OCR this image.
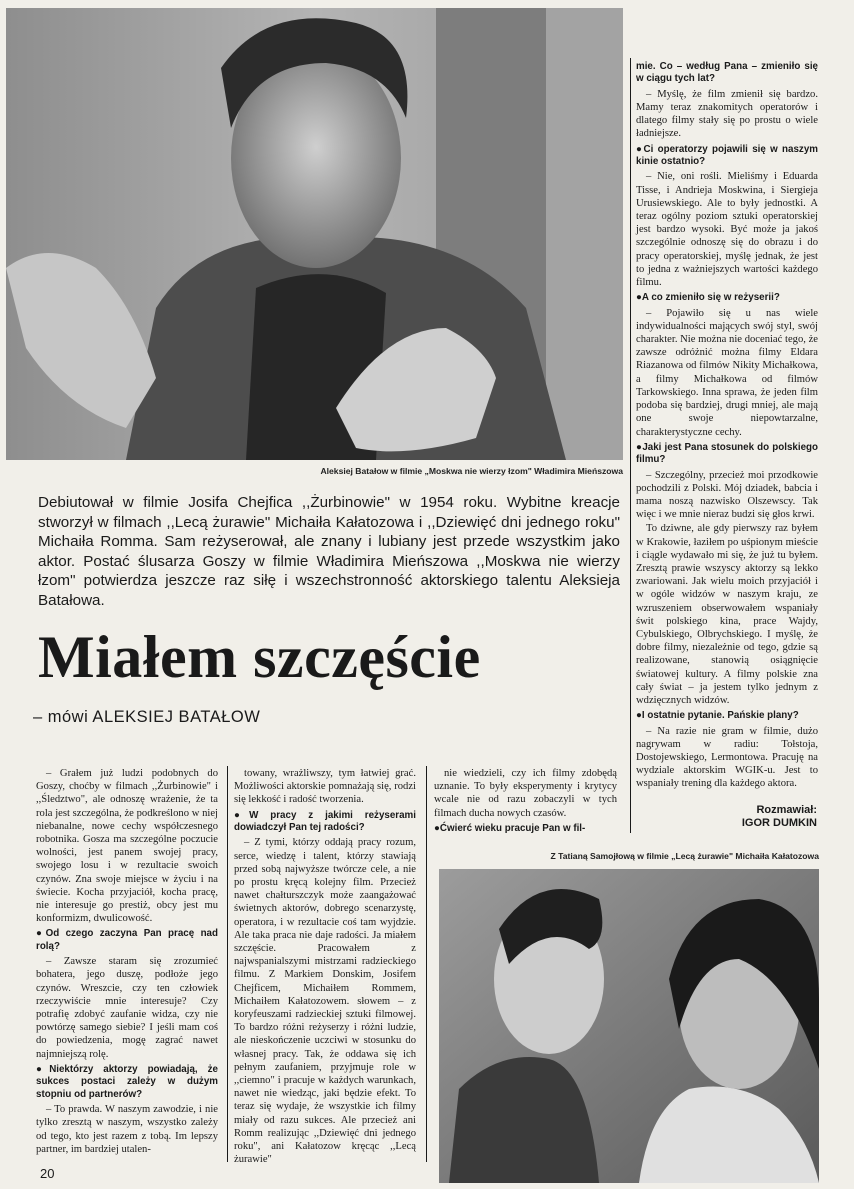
Aleksiej Batałow w filmie „Moskwa nie wierzy łzom" Władimira Mieńszowa
Debiutował w filmie Josifa Chejfica ,,Żurbinowie" w 1954 roku. Wybitne kreacje stworzył w filmach ,,Lecą żurawie" Michaiła Kałatozowa i ,,Dziewięć dni jednego roku" Michaiła Romma. Sam reżyserował, ale znany i lubiany jest przede wszystkim jako aktor. Postać ślusarza Goszy w filmie Władimira Mieńszowa ,,Moskwa nie wierzy łzom" potwierdza jeszcze raz siłę i wszechstronność aktorskiego talentu Aleksieja Batałowa.
Miałem szczęście
– mówi ALEKSIEJ BATAŁOW

– Grałem już ludzi podobnych do Goszy, choćby w filmach ,,Żurbinowie" i ,,Śledztwo", ale odnoszę wrażenie, że ta rola jest szczególna, że podkreślono w niej niebanalne, nowe cechy współczesnego robotnika. Gosza ma szczególne poczucie wolności, jest panem swojej pracy, swojego losu i w rezultacie swoich czynów. Zna swoje miejsce w życiu i na świecie. Kocha przyjaciół, kocha pracę, nie interesuje go prestiż, obcy jest mu konformizm, dwulicowość.

● Od czego zaczyna Pan pracę nad rolą?

– Zawsze staram się zrozumieć bohatera, jego duszę, podłoże jego czynów. Wreszcie, czy ten człowiek rzeczywiście mnie interesuje? Czy potrafię zdobyć zaufanie widza, czy nie powtórzę samego siebie? I jeśli mam coś do powiedzenia, mogę zagrać nawet najmniejszą rolę.

● Niektórzy aktorzy powiadają, że sukces postaci zależy w dużym stopniu od partnerów?

– To prawda. W naszym zawodzie, i nie tylko zresztą w naszym, wszystko zależy od tego, kto jest razem z tobą. Im lepszy partner, im bardziej utalen-

towany, wrażliwszy, tym łatwiej grać. Możliwości aktorskie pomnażają się, rodzi się lekkość i radość tworzenia.

● W pracy z jakimi reżyserami dowiadczył Pan tej radości?

– Z tymi, którzy oddają pracy rozum, serce, wiedzę i talent, którzy stawiają przed sobą najwyższe twórcze cele, a nie po prostu kręcą kolejny film. Przecież nawet chałturszczyk może zaangażować świetnych aktorów, dobrego scenarzystę, operatora, i w rezultacie coś tam wyjdzie. Ale taka praca nie daje radości. Ja miałem szczęście. Pracowałem z najwspanialszymi mistrzami radzieckiego filmu. Z Markiem Donskim, Josifem Chejficem, Michaiłem Rommem, Michaiłem Kałatozowem. słowem – z koryfeuszami radzieckiej sztuki filmowej. To bardzo różni reżyserzy i różni ludzie, ale nieskończenie uczciwi w stosunku do własnej pracy. Tak, że oddawa się ich pełnym zaufaniem, przyjmuje role w ,,ciemno" i pracuje w każdych warunkach, nawet nie wiedząc, jaki będzie efekt. To teraz się wydaje, że wszystkie ich filmy miały od razu sukces. Ale przecież ani Romm realizując ,,Dziewięć dni jednego roku", ani Kałatozow kręcąc ,,Lecą żurawie"

nie wiedzieli, czy ich filmy zdobędą uznanie. To były eksperymenty i krytycy wcale nie od razu zobaczyli w tych filmach ducha nowych czasów.

● Ćwierć wieku pracuje Pan w fil-

mie. Co – według Pana – zmieniło się w ciągu tych lat?

– Myślę, że film zmienił się bardzo. Mamy teraz znakomitych operatorów i dlatego filmy stały się po prostu o wiele ładniejsze.

● Ci operatorzy pojawili się w naszym kinie ostatnio?

– Nie, oni rośli. Mieliśmy i Eduarda Tisse, i Andrieja Moskwina, i Siergieja Urusiewskiego. Ale to były jednostki. A teraz ogólny poziom sztuki operatorskiej jest bardzo wysoki. Być może ja jakoś szczególnie odnoszę się do obrazu i do pracy operatorskiej, myślę jednak, że jest to jedna z ważniejszych wartości każdego filmu.

● A co zmieniło się w reżyserii?

– Pojawiło się u nas wiele indywidualności mających swój styl, swój charakter. Nie można nie doceniać tego, że zawsze odróżnić można filmy Eldara Riazanowa od filmów Nikity Michałkowa, a filmy Michałkowa od filmów Tarkowskiego. Inna sprawa, że jeden film podoba się bardziej, drugi mniej, ale mają one swoje niepowtarzalne, charakterystyczne cechy.

● Jaki jest Pana stosunek do polskiego filmu?

– Szczególny, przecież moi przodkowie pochodzili z Polski. Mój dziadek, babcia i mama noszą nazwisko Olszewscy. Tak więc i we mnie nieraz budzi się głos krwi.

To dziwne, ale gdy pierwszy raz byłem w Krakowie, łaziłem po uśpionym mieście i ciągle wydawało mi się, że już tu byłem. Zresztą prawie wszyscy aktorzy są lekko zwariowani. Jak wielu moich przyjaciół i w ogóle widzów w naszym kraju, ze wzruszeniem obserwowałem wspaniały świt polskiego kina, prace Wajdy, Cybulskiego, Olbrychskiego. I myślę, że dobre filmy, niezależnie od tego, gdzie są realizowane, stanowią osiągnięcie światowej kultury. A filmy polskie zna cały świat – ja jestem tylko jednym z wdzięcznych widzów.

● I ostatnie pytanie. Pańskie plany?

– Na razie nie gram w filmie, dużo nagrywam w radiu: Tołstoja, Dostojewskiego, Lermontowa. Pracuję na wydziale aktorskim WGIK-u. Jest to wspaniały trening dla każdego aktora.

Rozmawiał:
IGOR DUMKIN
Z Tatianą Samojłową w filmie „Lecą żurawie" Michaiła Kałatozowa
20
